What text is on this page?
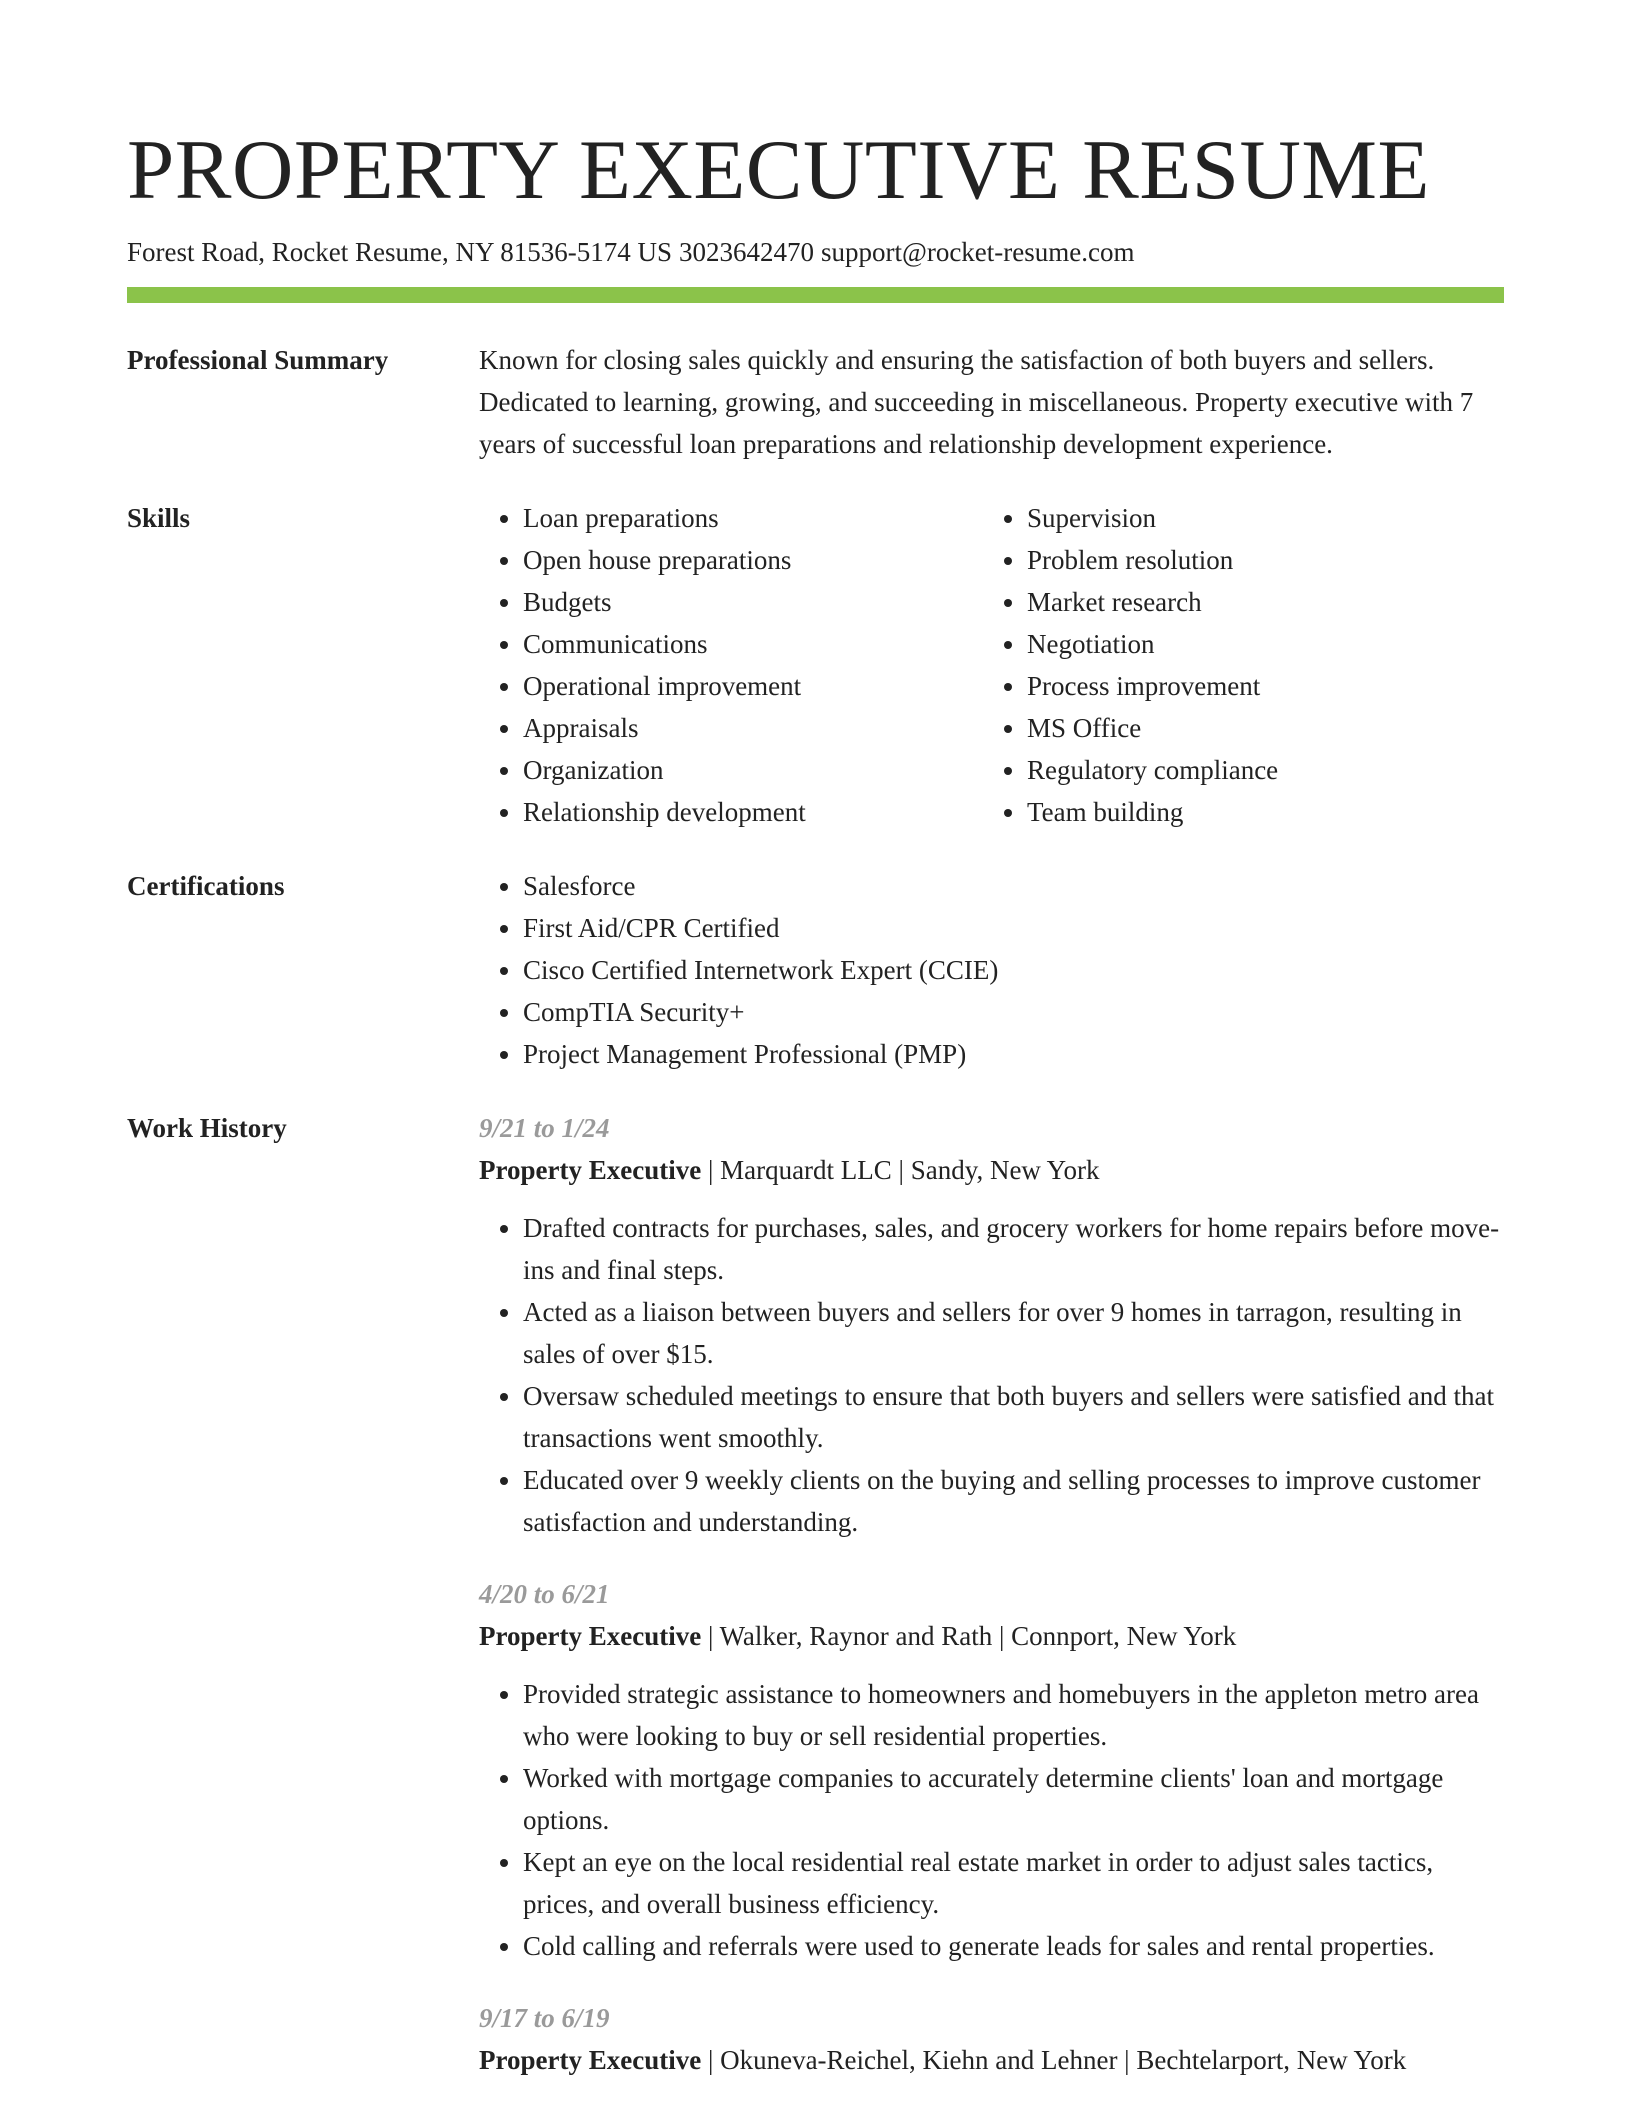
PROPERTY EXECUTIVE RESUME
Forest Road, Rocket Resume, NY 81536-5174 US 3023642470 support@rocket-resume.com
Professional Summary	Known for closing sales quickly and ensuring the satisfaction of both buyers and sellers. Dedicated to learning, growing, and succeeding in miscellaneous. Property executive with 7 years of successful loan preparations and relationship development experience.

Skills	• Loan preparations
• Open house preparations
• Budgets
• Communications
• Operational improvement
• Appraisals
• Organization
• Relationship development
• Supervision
• Problem resolution
• Market research
• Negotiation
• Process improvement
• MS Office
• Regulatory compliance
• Team building
Certifications	• Salesforce
• First Aid/CPR Certified
• Cisco Certified Internetwork Expert (CCIE)
• CompTIA Security+
• Project Management Professional (PMP)
Work History	9/21 to 1/24
Property Executive | Marquardt LLC | Sandy, New York
• Drafted contracts for purchases, sales, and grocery workers for home repairs before move-ins and final steps.
• Acted as a liaison between buyers and sellers for over 9 homes in tarragon, resulting in sales of over $15.
• Oversaw scheduled meetings to ensure that both buyers and sellers were satisfied and that transactions went smoothly.
• Educated over 9 weekly clients on the buying and selling processes to improve customer satisfaction and understanding.
4/20 to 6/21
Property Executive | Walker, Raynor and Rath | Connport, New York
• Provided strategic assistance to homeowners and homebuyers in the appleton metro area who were looking to buy or sell residential properties.
• Worked with mortgage companies to accurately determine clients' loan and mortgage options.
• Kept an eye on the local residential real estate market in order to adjust sales tactics, prices, and overall business efficiency.
• Cold calling and referrals were used to generate leads for sales and rental properties.
9/17 to 6/19
Property Executive | Okuneva-Reichel, Kiehn and Lehner | Bechtelarport, New York
